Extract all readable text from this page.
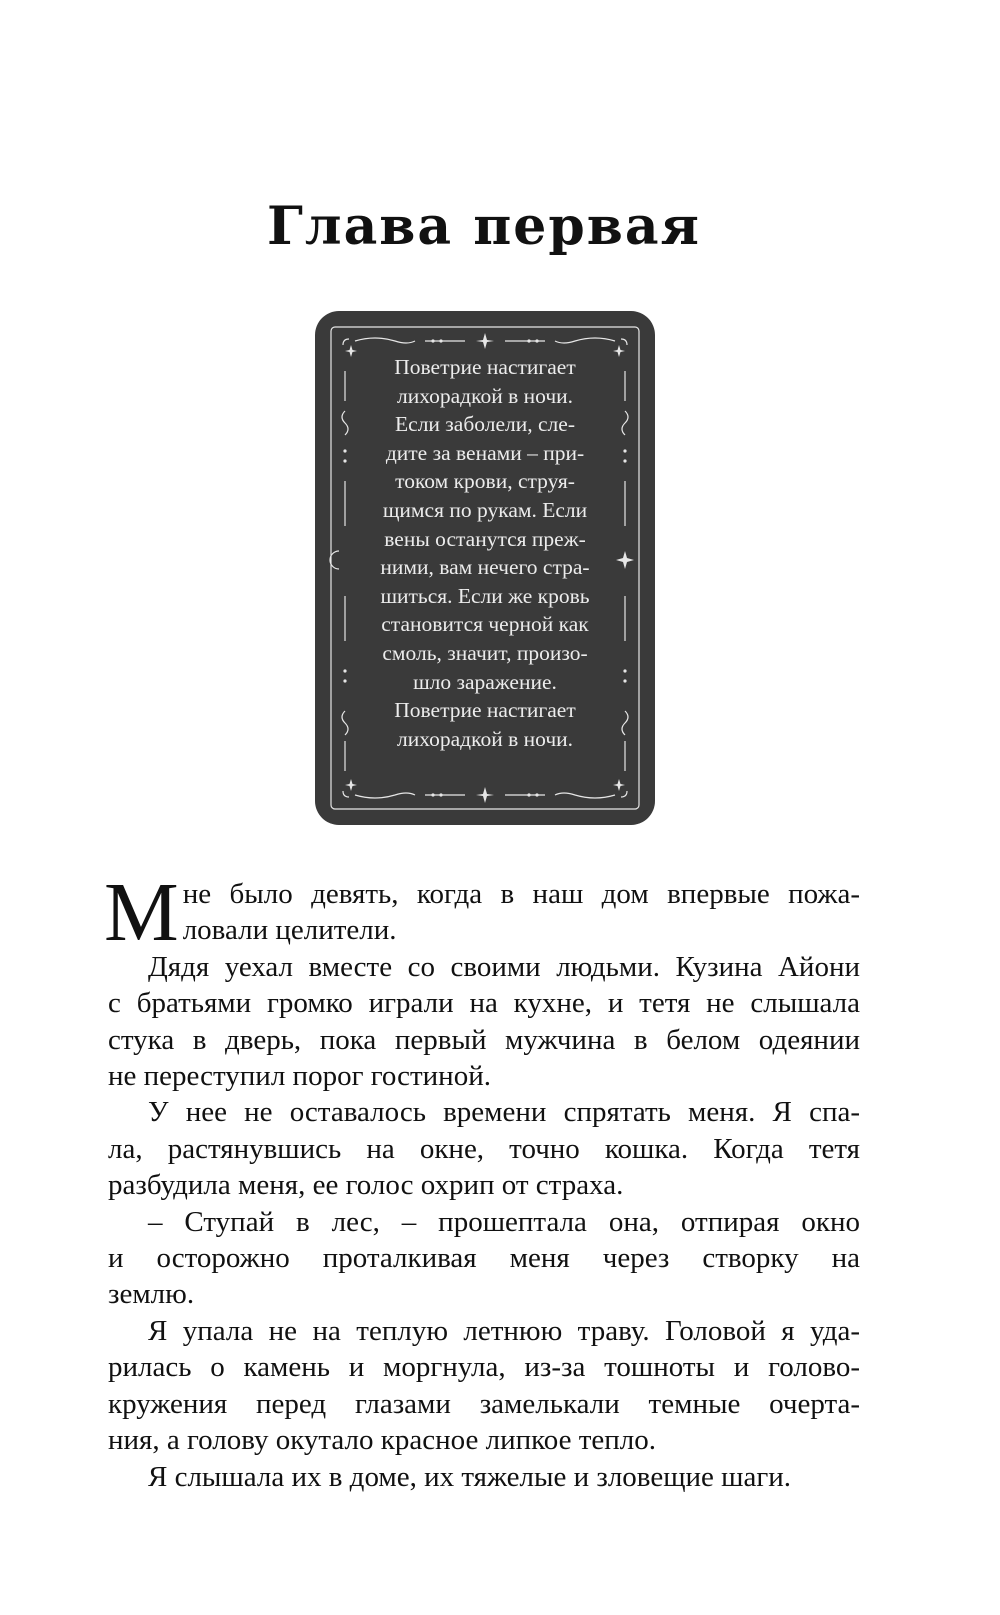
Глава первая

Поветрие настигает
лихорадкой в ночи.
Если заболели, сле-
дите за венами – при-
током крови, струя-
щимся по рукам. Если
вены останутся преж-
ними, вам нечего стра-
шиться. Если же кровь
становится черной как
смоль, значит, произо-
шло заражение.
Поветрие настигает
лихорадкой в ночи.

М не было девять, когда в наш дом впервые пожа-
ловали целители.

Дядя уехал вместе со своими людьми. Кузина Айони
с братьями громко играли на кухне, и тетя не слышала
стука в дверь, пока первый мужчина в белом одеянии
не переступил порог гостиной.

У нее не оставалось времени спрятать меня. Я спа-
ла, растянувшись на окне, точно кошка. Когда тетя
разбудила меня, ее голос охрип от страха.

– Ступай в лес, – прошептала она, отпирая окно
и осторожно проталкивая меня через створку на
землю.

Я упала не на теплую летнюю траву. Головой я уда-
рилась о камень и моргнула, из-за тошноты и голово-
кружения перед глазами замелькали темные очерта-
ния, а голову окутало красное липкое тепло.

Я слышала их в доме, их тяжелые и зловещие шаги.
